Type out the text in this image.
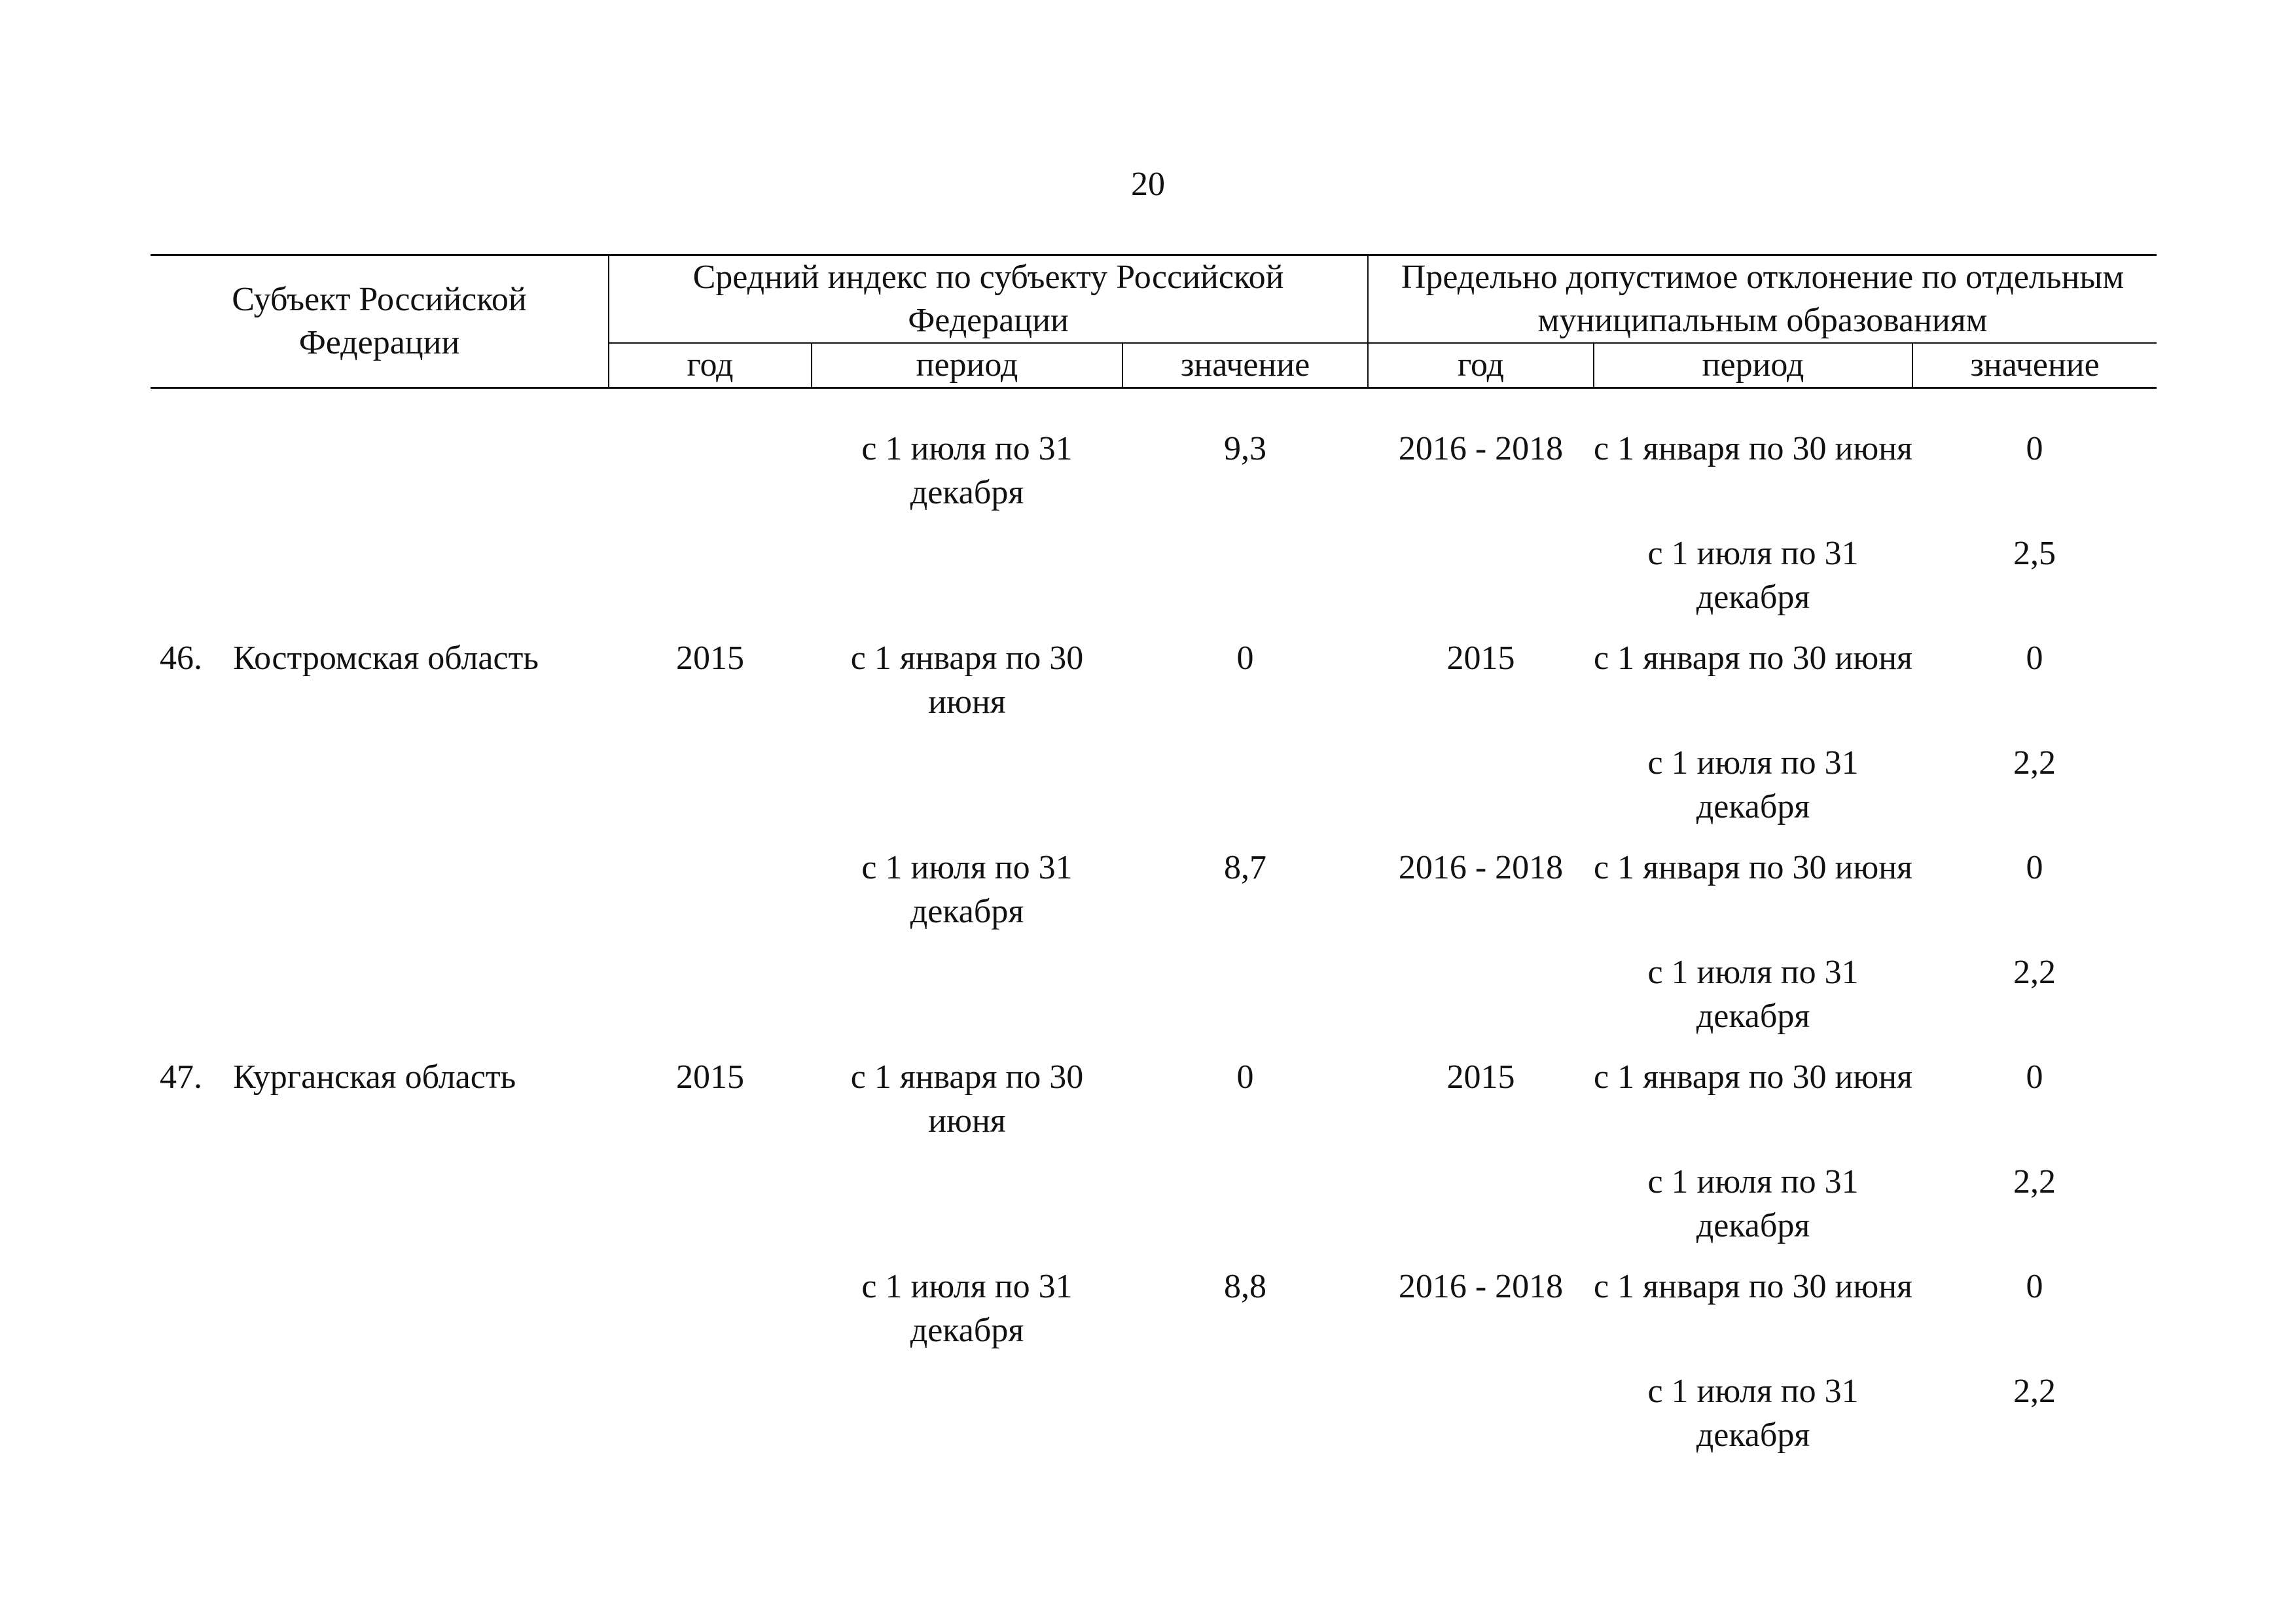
20
Субъект Российской Федерации	Средний индекс по субъекту Российской Федерации			Предельно допустимое отклонение по отдельным муниципальным образованиям		
	год	период	значение	год	период	значение

		с 1 июля по 31 декабря	9,3	2016 - 2018	с 1 января по 30 июня	0
					с 1 июля по 31 декабря	2,5
46. Костромская область	2015	с 1 января по 30 июня	0	2015	с 1 января по 30 июня	0
					с 1 июля по 31 декабря	2,2
		с 1 июля по 31 декабря	8,7	2016 - 2018	с 1 января по 30 июня	0
					с 1 июля по 31 декабря	2,2
47. Курганская область	2015	с 1 января по 30 июня	0	2015	с 1 января по 30 июня	0
					с 1 июля по 31 декабря	2,2
		с 1 июля по 31 декабря	8,8	2016 - 2018	с 1 января по 30 июня	0
					с 1 июля по 31 декабря	2,2
